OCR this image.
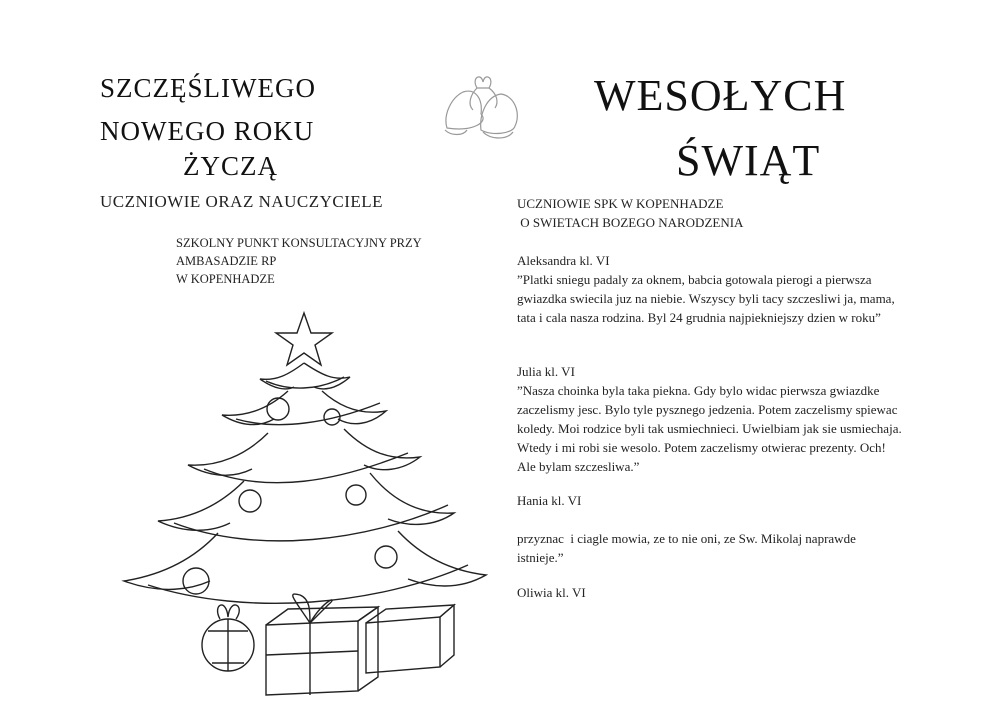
SZCZĘŚLIWEGO
NOWEGO ROKU
ŻYCZĄ
UCZNIOWIE ORAZ NAUCZYCIELE
SZKOLNY PUNKT KONSULTACYJNY PRZY
AMBASADZIE RP
W KOPENHADZE
WESOŁYCH
ŚWIĄT
UCZNIOWIE SPK W KOPENHADZE
O SWIETACH BOZEGO NARODZENIA
Aleksandra kl. VI
”Platki sniegu padaly za oknem, babcia gotowala pierogi a pierwsza gwiazdka swiecila juz na niebie. Wszyscy byli tacy szczesliwi ja, mama, tata i cala nasza rodzina. Byl 24 grudnia najpiekniejszy dzien w roku”
Julia kl. VI
”Nasza choinka byla taka piekna. Gdy bylo widac pierwsza gwiazdke zaczelismy jesc. Bylo tyle pysznego jedzenia. Potem zaczelismy spiewac koledy. Moi rodzice byli tak usmiechnieci. Uwielbiam jak sie usmiechaja. Wtedy i mi robi sie wesolo. Potem zaczelismy otwierac prezenty. Och! Ale bylam szczesliwa.”
Hania kl. VI
przyznac  i ciagle mowia, ze to nie oni, ze Sw. Mikolaj naprawde istnieje.”
Oliwia kl. VI
